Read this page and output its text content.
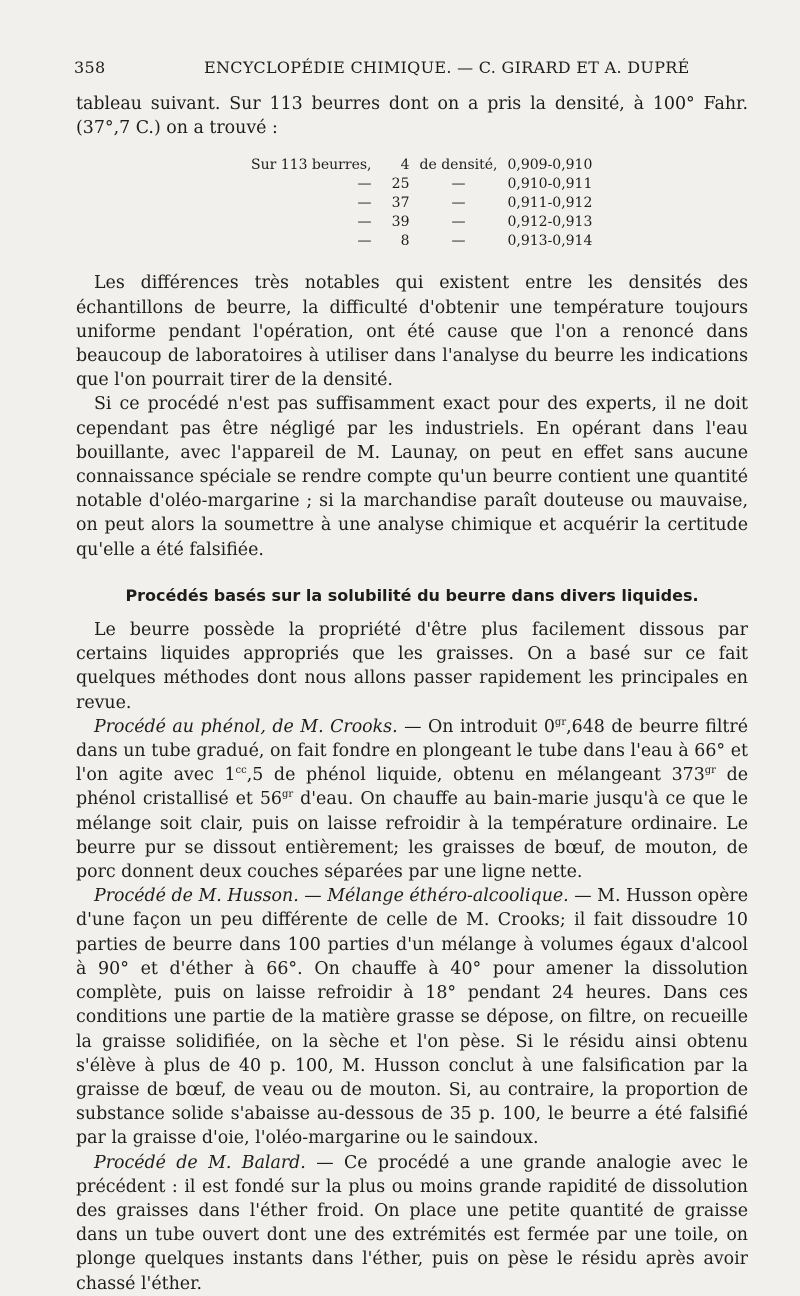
358	ENCYCLOPÉDIE CHIMIQUE. — C. GIRARD ET A. DUPRÉ

tableau suivant. Sur 113 beurres dont on a pris la densité, à 100° Fahr. (37°,7 C.) on a trouvé :

Sur 113 beurres,	4	de densité,	0,909-0,910
—	25	—	0,910-0,911
—	37	—	0,911-0,912
—	39	—	0,912-0,913
—	8	—	0,913-0,914

Les différences très notables qui existent entre les densités des échantillons de beurre, la difficulté d'obtenir une température toujours uniforme pendant l'opération, ont été cause que l'on a renoncé dans beaucoup de laboratoires à utiliser dans l'analyse du beurre les indications que l'on pourrait tirer de la densité.

Si ce procédé n'est pas suffisamment exact pour des experts, il ne doit cependant pas être négligé par les industriels. En opérant dans l'eau bouillante, avec l'appareil de M. Launay, on peut en effet sans aucune connaissance spéciale se rendre compte qu'un beurre contient une quantité notable d'oléo-margarine ; si la marchandise paraît douteuse ou mauvaise, on peut alors la soumettre à une analyse chimique et acquérir la certitude qu'elle a été falsifiée.

Procédés basés sur la solubilité du beurre dans divers liquides.

Le beurre possède la propriété d'être plus facilement dissous par certains liquides appropriés que les graisses. On a basé sur ce fait quelques méthodes dont nous allons passer rapidement les principales en revue.

Procédé au phénol, de M. Crooks. — On introduit $0^{gr},648$ de beurre filtré dans un tube gradué, on fait fondre en plongeant le tube dans l'eau à 66° et l'on agite avec $1^{cc},5$ de phénol liquide, obtenu en mélangeant $373^{gr}$ de phénol cristallisé et $56^{gr}$ d'eau. On chauffe au bain-marie jusqu'à ce que le mélange soit clair, puis on laisse refroidir à la température ordinaire. Le beurre pur se dissout entièrement; les graisses de bœuf, de mouton, de porc donnent deux couches séparées par une ligne nette.

Procédé de M. Husson. — Mélange éthéro-alcoolique. — M. Husson opère d'une façon un peu différente de celle de M. Crooks; il fait dissoudre 10 parties de beurre dans 100 parties d'un mélange à volumes égaux d'alcool à 90° et d'éther à 66°. On chauffe à 40° pour amener la dissolution complète, puis on laisse refroidir à 18° pendant 24 heures. Dans ces conditions une partie de la matière grasse se dépose, on filtre, on recueille la graisse solidifiée, on la sèche et l'on pèse. Si le résidu ainsi obtenu s'élève à plus de 40 p. 100, M. Husson conclut à une falsification par la graisse de bœuf, de veau ou de mouton. Si, au contraire, la proportion de substance solide s'abaisse au-dessous de 35 p. 100, le beurre a été falsifié par la graisse d'oie, l'oléo-margarine ou le saindoux.

Procédé de M. Balard. — Ce procédé a une grande analogie avec le précédent : il est fondé sur la plus ou moins grande rapidité de dissolution des graisses dans l'éther froid. On place une petite quantité de graisse dans un tube ouvert dont une des extrémités est fermée par une toile, on plonge quelques instants dans l'éther, puis on pèse le résidu après avoir chassé l'éther.
